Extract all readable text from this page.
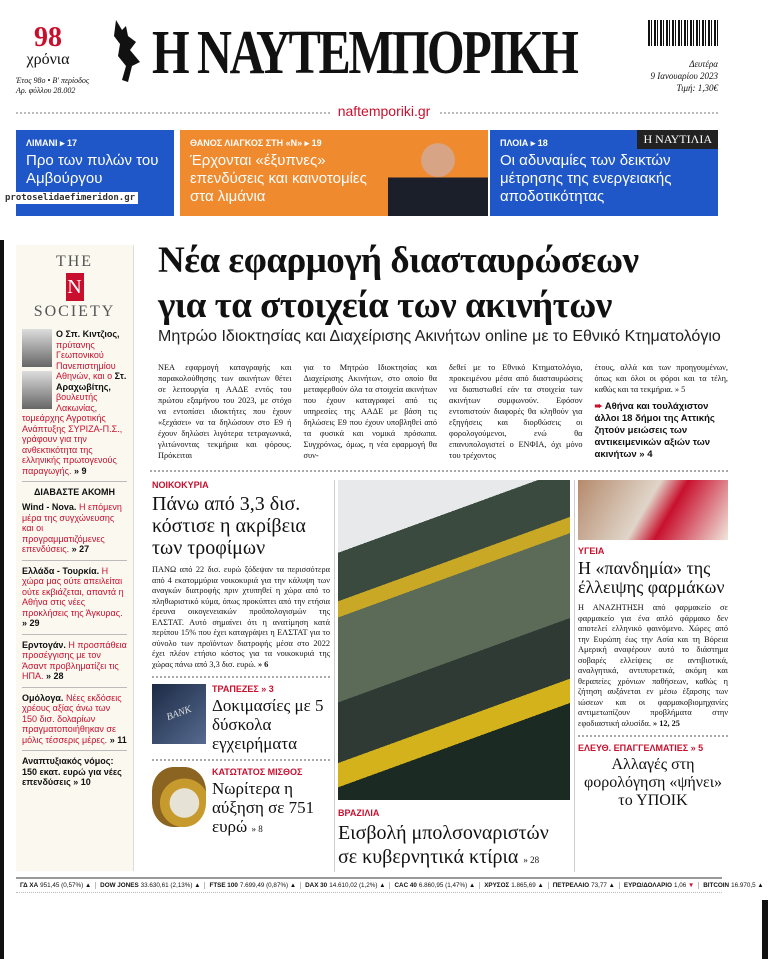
98
χρόνια
Έτος 98ο • Β' περίοδος
Αρ. φύλλου 28.002
Η ΝΑΥΤΕΜΠΟΡΙΚΗ	Δευτέρα
9 Ιανουαρίου 2023
Τιμή: 1,30€
naftemporiki.gr
ΛΙΜΑΝΙ ▸ 17
Προ των πυλών του Αμβούργου
ΘΑΝΟΣ ΛΙΑΓΚΟΣ ΣΤΗ «Ν» ▸ 19
Έρχονται «έξυπνες» επενδύσεις και καινοτομίες στα λιμάνια
Η ΝΑΥΤΙΛΙΑ
ΠΛΟΙΑ ▸ 18
Οι αδυναμίες των δεικτών μέτρησης της ενεργειακής αποδοτικότητας
protoselidaefimeridon.gr
THE
N
SOCIETY
Ο Σπ. Κιντζιος, πρύτανης Γεωπονικού Πανεπιστημίου Αθηνών, και ο Στ. Αραχωβίτης, βουλευτής Λακωνίας, τομεάρχης Αγροτικής Ανάπτυξης ΣΥΡΙΖΑ-Π.Σ., γράφουν για την ανθεκτικότητα της ελληνικής πρωτογενούς παραγωγής. » 9
ΔΙΑΒΑΣΤΕ ΑΚΟΜΗ
Wind - Nova. Η επόμενη μέρα της συγχώνευσης και οι προγραμματιζόμενες επενδύσεις. » 27
Ελλάδα - Τουρκία. Η χώρα μας ούτε απειλείται ούτε εκβιάζεται, απαντά η Αθήνα στις νέες προκλήσεις της Άγκυρας. » 29
Ερντογάν. Η προσπάθεια προσέγγισης με τον Άσαντ προβληματίζει τις ΗΠΑ. » 28
Ομόλογα. Νέες εκδόσεις χρέους αξίας άνω των 150 δισ. δολαρίων πραγματοποιήθηκαν σε μόλις τέσσερις μέρες. » 11
Αναπτυξιακός νόμος: 150 εκατ. ευρώ για νέες επενδύσεις » 10
Νέα εφαρμογή διασταυρώσεων
για τα στοιχεία των ακινήτων
Μητρώο Ιδιοκτησίας και Διαχείρισης Ακινήτων online με το Εθνικό Κτηματολόγιο
ΝΕΑ εφαρμογή καταγραφής και παρακολούθησης των ακινήτων θέτει σε λειτουργία η ΑΑΔΕ εντός του πρώτου εξαμήνου του 2023, με στόχο να εντοπίσει ιδιοκτήτες που έχουν «ξεχάσει» να τα δηλώσουν στο Ε9 ή έχουν δηλώσει λιγότερα τετραγωνικά, γλιτώνοντας τεκμήρια και φόρους. Πρόκειται
για το Μητρώο Ιδιοκτησίας και Διαχείρισης Ακινήτων, στο οποίο θα μεταφερθούν όλα τα στοιχεία ακινήτων που έχουν καταγραφεί από τις υπηρεσίες της ΑΑΔΕ με βάση τις δηλώσεις Ε9 που έχουν υποβληθεί από τα φυσικά και νομικά πρόσωπα. Συγχρόνως, όμως, η νέα εφαρμογή θα συν-
δεθεί με το Εθνικό Κτηματολόγιο, προκειμένου μέσα από διασταυρώσεις να διαπιστωθεί εάν τα στοιχεία των ακινήτων συμφωνούν. Εφόσον εντοπιστούν διαφορές θα κληθούν για εξηγήσεις και διορθώσεις οι φορολογούμενοι, ενώ θα επανυπολογιστεί ο ΕΝΦΙΑ, όχι μόνο του τρέχοντος
έτους, αλλά και των προηγουμένων, όπως και όλοι οι φόροι και τα τέλη, καθώς και τα τεκμήρια. » 5
➨ Αθήνα και τουλάχιστον άλλοι 18 δήμοι της Αττικής ζητούν μειώσεις των αντικειμενικών αξιών των ακινήτων » 4
ΝΟΙΚΟΚΥΡΙΑ
Πάνω από 3,3 δισ. κόστισε η ακρίβεια των τροφίμων
ΠΑΝΩ από 22 δισ. ευρώ ξόδεψαν τα περισσότερα από 4 εκατομμύρια νοικοκυριά για την κάλυψη των αναγκών διατροφής πριν χτυπηθεί η χώρα από το πληθωριστικό κύμα, όπως προκύπτει από την ετήσια έρευνα οικογενειακών προϋπολογισμών της ΕΛΣΤΑΤ. Αυτό σημαίνει ότι η ανατίμηση κατά περίπου 15% που έχει καταγράψει η ΕΛΣΤΑΤ για το σύνολο των προϊόντων διατροφής μέσα στο 2022 έχει πλέον ετήσιο κόστος για τα νοικοκυριά της χώρας πάνω από 3,3 δισ. ευρώ. » 6
BANK
ΤΡΑΠΕΖΕΣ » 3
Δοκιμασίες με 5 δύσκολα εγχειρήματα
ΚΑΤΩΤΑΤΟΣ ΜΙΣΘΟΣ
Νωρίτερα η αύξηση σε 751 ευρώ » 8
ΒΡΑΖΙΛΙΑ
Εισβολή μπολσοναριστών σε κυβερνητικά κτίρια » 28
ΥΓΕΙΑ
Η «πανδημία» της έλλειψης φαρμάκων
Η ΑΝΑΖΗΤΗΣΗ από φαρμακείο σε φαρμακείο για ένα απλό φάρμακο δεν αποτελεί ελληνικό φαινόμενο. Χώρες από την Ευρώπη έως την Ασία και τη Βόρεια Αμερική αναφέρουν αυτό το διάστημα σοβαρές ελλείψεις σε αντιβιοτικά, αναλγητικά, αντιπυρετικά, ακόμη και θεραπείες χρόνιων παθήσεων, καθώς η ζήτηση αυξάνεται εν μέσω έξαρσης των ιώσεων και οι φαρμακοβιομηχανίες αντιμετωπίζουν προβλήματα στην εφοδιαστική αλυσίδα. » 12, 25
ΕΛΕΥΘ. ΕΠΑΓΓΕΛΜΑΤΙΕΣ » 5
Αλλαγές στη φορολόγηση «ψήνει» το ΥΠΟΙΚ
ΓΔ ΧΑ 951,45 (0,57%) ▲	DOW JONES 33.630,61 (2,13%) ▲	FTSE 100 7.699,49 (0,87%) ▲	DAX 30 14.610,02 (1,2%) ▲	CAC 40 6.860,95 (1,47%) ▲	ΧΡΥΣΟΣ 1.865,69 ▲	ΠΕΤΡΕΛΑΙΟ 73,77 ▲	ΕΥΡΩ/ΔΟΛΑΡΙΟ 1,06 ▼	BITCOIN 16.970,5 ▲
